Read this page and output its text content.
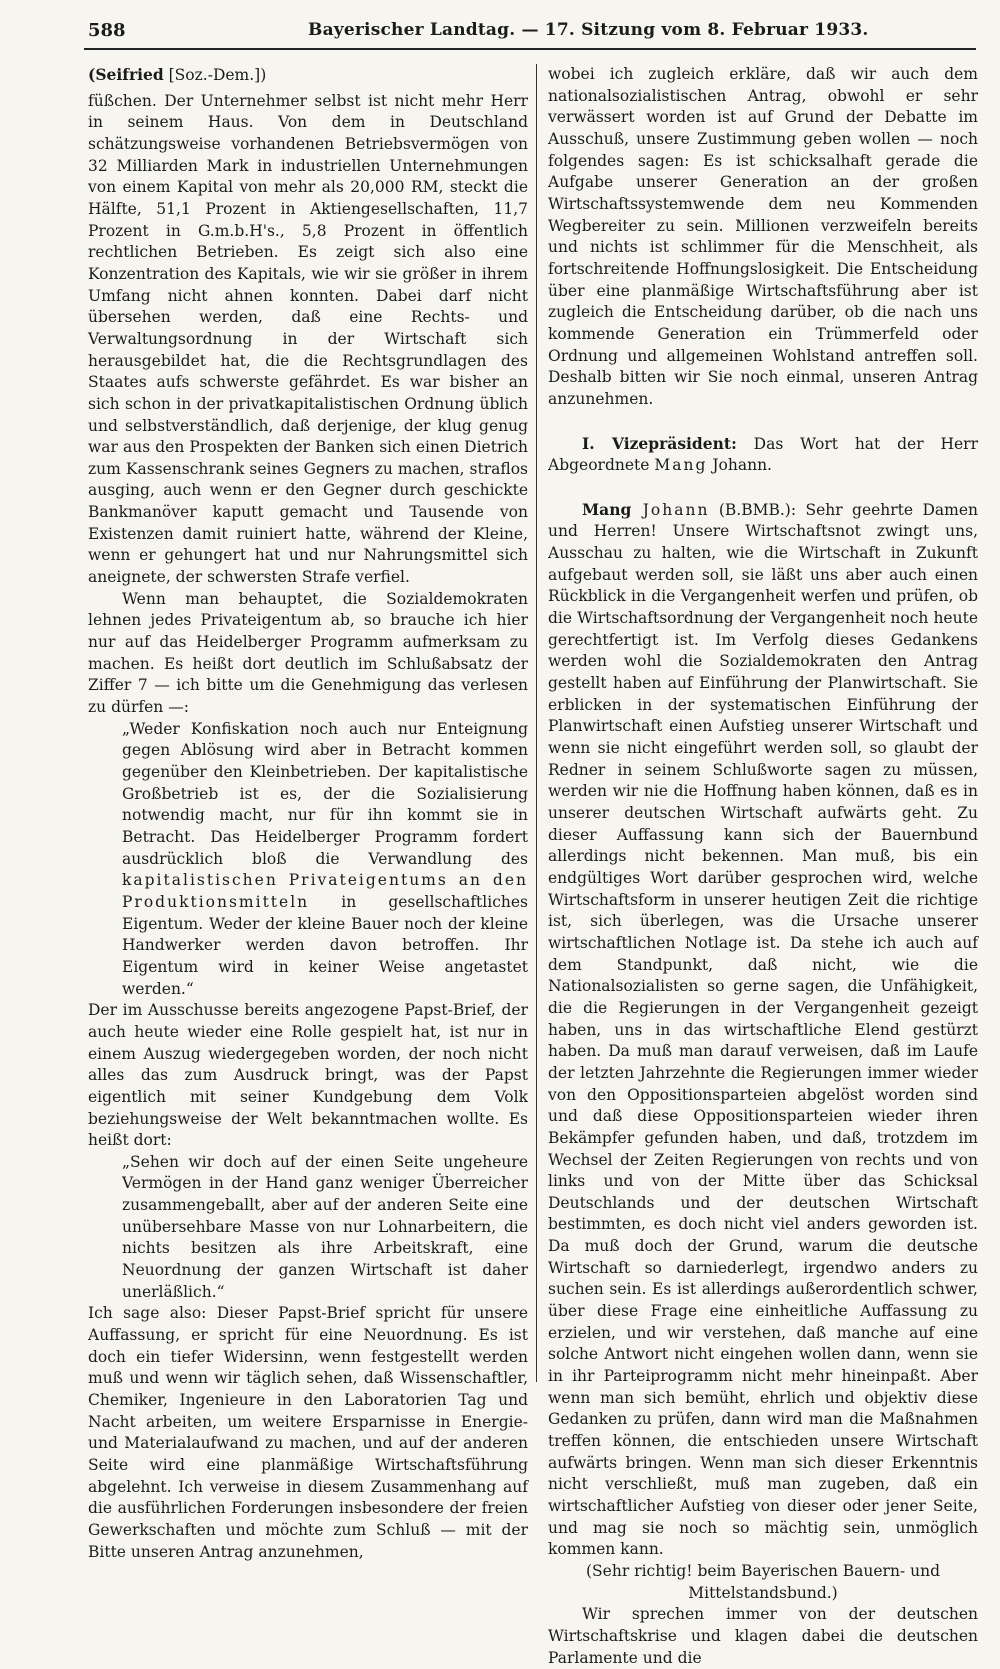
588	Bayerischer Landtag. — 17. Sitzung vom 8. Februar 1933.

(Seifried [Soz.-Dem.])

füßchen. Der Unternehmer selbst ist nicht mehr Herr in seinem Haus. Von dem in Deutschland schätzungsweise vorhandenen Betriebsvermögen von 32 Milliarden Mark in industriellen Unternehmungen von einem Kapital von mehr als 20,000 RM, steckt die Hälfte, 51,1 Prozent in Aktiengesellschaften, 11,7 Prozent in G.m.b.H's., 5,8 Prozent in öffentlich rechtlichen Betrieben. Es zeigt sich also eine Konzentration des Kapitals, wie wir sie größer in ihrem Umfang nicht ahnen konnten. Dabei darf nicht übersehen werden, daß eine Rechts- und Verwaltungsordnung in der Wirtschaft sich herausgebildet hat, die die Rechtsgrundlagen des Staates aufs schwerste gefährdet. Es war bisher an sich schon in der privatkapitalistischen Ordnung üblich und selbstverständlich, daß derjenige, der klug genug war aus den Prospekten der Banken sich einen Dietrich zum Kassenschrank seines Gegners zu machen, straflos ausging, auch wenn er den Gegner durch geschickte Bankmanöver kaputt gemacht und Tausende von Existenzen damit ruiniert hatte, während der Kleine, wenn er gehungert hat und nur Nahrungsmittel sich aneignete, der schwersten Strafe verfiel.

Wenn man behauptet, die Sozialdemokraten lehnen jedes Privateigentum ab, so brauche ich hier nur auf das Heidelberger Programm aufmerksam zu machen. Es heißt dort deutlich im Schlußabsatz der Ziffer 7 — ich bitte um die Genehmigung das verlesen zu dürfen —:

„Weder Konfiskation noch auch nur Enteignung gegen Ablösung wird aber in Betracht kommen gegenüber den Kleinbetrieben. Der kapitalistische Großbetrieb ist es, der die Sozialisierung notwendig macht, nur für ihn kommt sie in Betracht. Das Heidelberger Programm fordert ausdrücklich bloß die Verwandlung des kapitalistischen Privateigentums an den Produktionsmitteln in gesellschaftliches Eigentum. Weder der kleine Bauer noch der kleine Handwerker werden davon betroffen. Ihr Eigentum wird in keiner Weise angetastet werden.“

Der im Ausschusse bereits angezogene Papst-Brief, der auch heute wieder eine Rolle gespielt hat, ist nur in einem Auszug wiedergegeben worden, der noch nicht alles das zum Ausdruck bringt, was der Papst eigentlich mit seiner Kundgebung dem Volk beziehungsweise der Welt bekanntmachen wollte. Es heißt dort:

„Sehen wir doch auf der einen Seite ungeheure Vermögen in der Hand ganz weniger Überreicher zusammengeballt, aber auf der anderen Seite eine unübersehbare Masse von nur Lohnarbeitern, die nichts besitzen als ihre Arbeitskraft, eine Neuordnung der ganzen Wirtschaft ist daher unerläßlich.“

Ich sage also: Dieser Papst-Brief spricht für unsere Auffassung, er spricht für eine Neuordnung. Es ist doch ein tiefer Widersinn, wenn festgestellt werden muß und wenn wir täglich sehen, daß Wissenschaftler, Chemiker, Ingenieure in den Laboratorien Tag und Nacht arbeiten, um weitere Ersparnisse in Energie- und Materialaufwand zu machen, und auf der anderen Seite wird eine planmäßige Wirtschaftsführung abgelehnt. Ich verweise in diesem Zusammenhang auf die ausführlichen Forderungen insbesondere der freien Gewerkschaften und möchte zum Schluß — mit der Bitte unseren Antrag anzunehmen,

wobei ich zugleich erkläre, daß wir auch dem nationalsozialistischen Antrag, obwohl er sehr verwässert worden ist auf Grund der Debatte im Ausschuß, unsere Zustimmung geben wollen — noch folgendes sagen: Es ist schicksalhaft gerade die Aufgabe unserer Generation an der großen Wirtschaftssystemwende dem neu Kommenden Wegbereiter zu sein. Millionen verzweifeln bereits und nichts ist schlimmer für die Menschheit, als fortschreitende Hoffnungslosigkeit. Die Entscheidung über eine planmäßige Wirtschaftsführung aber ist zugleich die Entscheidung darüber, ob die nach uns kommende Generation ein Trümmerfeld oder Ordnung und allgemeinen Wohlstand antreffen soll. Deshalb bitten wir Sie noch einmal, unseren Antrag anzunehmen.

I. Vizepräsident: Das Wort hat der Herr Abgeordnete Mang Johann.

Mang Johann (B.BMB.): Sehr geehrte Damen und Herren! Unsere Wirtschaftsnot zwingt uns, Ausschau zu halten, wie die Wirtschaft in Zukunft aufgebaut werden soll, sie läßt uns aber auch einen Rückblick in die Vergangenheit werfen und prüfen, ob die Wirtschaftsordnung der Vergangenheit noch heute gerechtfertigt ist. Im Verfolg dieses Gedankens werden wohl die Sozialdemokraten den Antrag gestellt haben auf Einführung der Planwirtschaft. Sie erblicken in der systematischen Einführung der Planwirtschaft einen Aufstieg unserer Wirtschaft und wenn sie nicht eingeführt werden soll, so glaubt der Redner in seinem Schlußworte sagen zu müssen, werden wir nie die Hoffnung haben können, daß es in unserer deutschen Wirtschaft aufwärts geht. Zu dieser Auffassung kann sich der Bauernbund allerdings nicht bekennen. Man muß, bis ein endgültiges Wort darüber gesprochen wird, welche Wirtschaftsform in unserer heutigen Zeit die richtige ist, sich überlegen, was die Ursache unserer wirtschaftlichen Notlage ist. Da stehe ich auch auf dem Standpunkt, daß nicht, wie die Nationalsozialisten so gerne sagen, die Unfähigkeit, die die Regierungen in der Vergangenheit gezeigt haben, uns in das wirtschaftliche Elend gestürzt haben. Da muß man darauf verweisen, daß im Laufe der letzten Jahrzehnte die Regierungen immer wieder von den Oppositionsparteien abgelöst worden sind und daß diese Oppositionsparteien wieder ihren Bekämpfer gefunden haben, und daß, trotzdem im Wechsel der Zeiten Regierungen von rechts und von links und von der Mitte über das Schicksal Deutschlands und der deutschen Wirtschaft bestimmten, es doch nicht viel anders geworden ist. Da muß doch der Grund, warum die deutsche Wirtschaft so darniederlegt, irgendwo anders zu suchen sein. Es ist allerdings außerordentlich schwer, über diese Frage eine einheitliche Auffassung zu erzielen, und wir verstehen, daß manche auf eine solche Antwort nicht eingehen wollen dann, wenn sie in ihr Parteiprogramm nicht mehr hineinpaßt. Aber wenn man sich bemüht, ehrlich und objektiv diese Gedanken zu prüfen, dann wird man die Maßnahmen treffen können, die entschieden unsere Wirtschaft aufwärts bringen. Wenn man sich dieser Erkenntnis nicht verschließt, muß man zugeben, daß ein wirtschaftlicher Aufstieg von dieser oder jener Seite, und mag sie noch so mächtig sein, unmöglich kommen kann.

(Sehr richtig! beim Bayerischen Bauern- und Mittelstandsbund.)

Wir sprechen immer von der deutschen Wirtschaftskrise und klagen dabei die deutschen Parlamente und die
